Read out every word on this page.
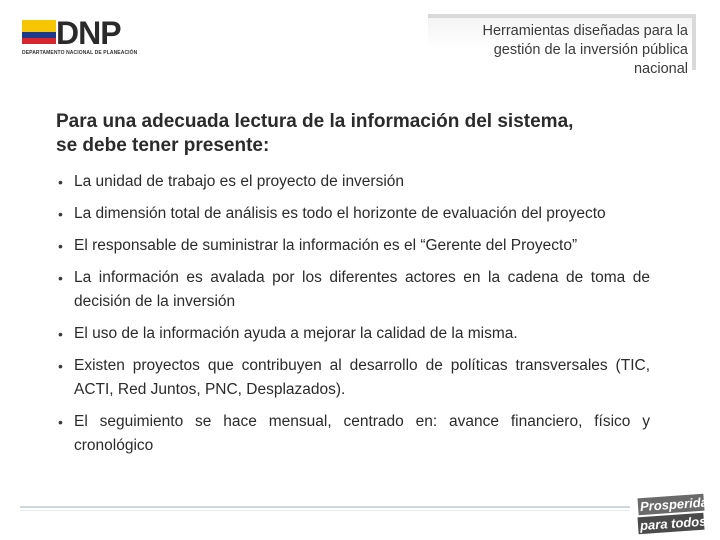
DNP
DEPARTAMENTO NACIONAL DE PLANEACIÓN
Herramientas diseñadas para la
gestión de la inversión pública
nacional
Para una adecuada lectura de la información del sistema,
se debe tener presente:
• La unidad de trabajo es el proyecto de inversión
• La dimensión total de análisis es todo el horizonte de evaluación del proyecto
• El responsable de suministrar la información es el “Gerente del Proyecto”
• La información es avalada por los diferentes actores en la cadena de toma de decisión de la inversión
• El uso de la información ayuda a mejorar la calidad de la misma.
• Existen proyectos que contribuyen al desarrollo de políticas transversales (TIC, ACTI, Red Juntos, PNC, Desplazados).
• El seguimiento se hace mensual, centrado en: avance financiero, físico y cronológico
Prosperidad
para todos
